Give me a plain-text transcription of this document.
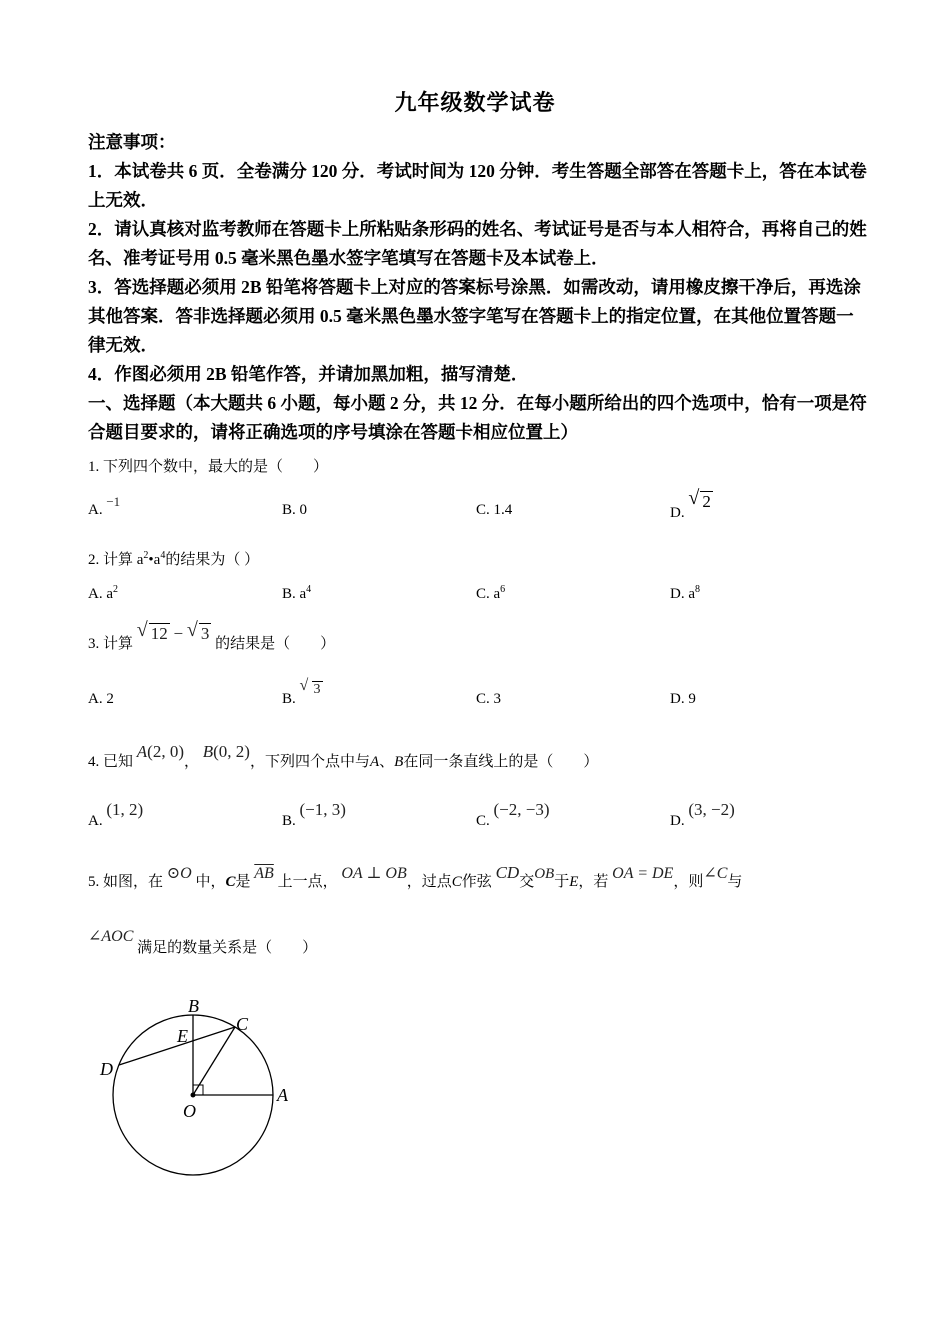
九年级数学试卷

注意事项：

1．本试卷共 6 页．全卷满分 120 分．考试时间为 120 分钟．考生答题全部答在答题卡上，答在本试卷上无效．

2．请认真核对监考教师在答题卡上所粘贴条形码的姓名、考试证号是否与本人相符合，再将自己的姓名、准考证号用 0.5 毫米黑色墨水签字笔填写在答题卡及本试卷上．

3．答选择题必须用 2B 铅笔将答题卡上对应的答案标号涂黑．如需改动，请用橡皮擦干净后，再选涂其他答案．答非选择题必须用 0.5 毫米黑色墨水签字笔写在答题卡上的指定位置，在其他位置答题一律无效．

4．作图必须用 2B 铅笔作答，并请加黑加粗，描写清楚．

一、选择题（本大题共 6 小题，每小题 2 分，共 12 分．在每小题所给出的四个选项中，恰有一项是符合题目要求的，请将正确选项的序号填涂在答题卡相应位置上）

1. 下列四个数中，最大的是（　　）
A. −1
B. 0	C. 1.4	D.
√ 2
2. 计算 $a^2•a^4$的结果为（ ）
A. $a^2$	B. $a^4$	C. $a^6$	D. $a^8$
3. 计算
√ 12 − √ 3 的结果是（　　）
A. 2	B.
√ 3
C. 3	D. 9
4. 已知 A(2, 0)， B(0, 2)，下列四个点中与A、B在同一条直线上的是（　　）
A. (1, 2)
B. (−1, 3)
C. (−2, −3)
D. (3, −2)
5. 如图，在 ⊙O 中，C是 $\overline{AB}$ 上一点， OA ⊥ OB，过点C作弦 CD交OB于E，若 OA = DE，则∠C与
∠AOC 满足的数量关系是（　　）
B
C
E
D
O
A
